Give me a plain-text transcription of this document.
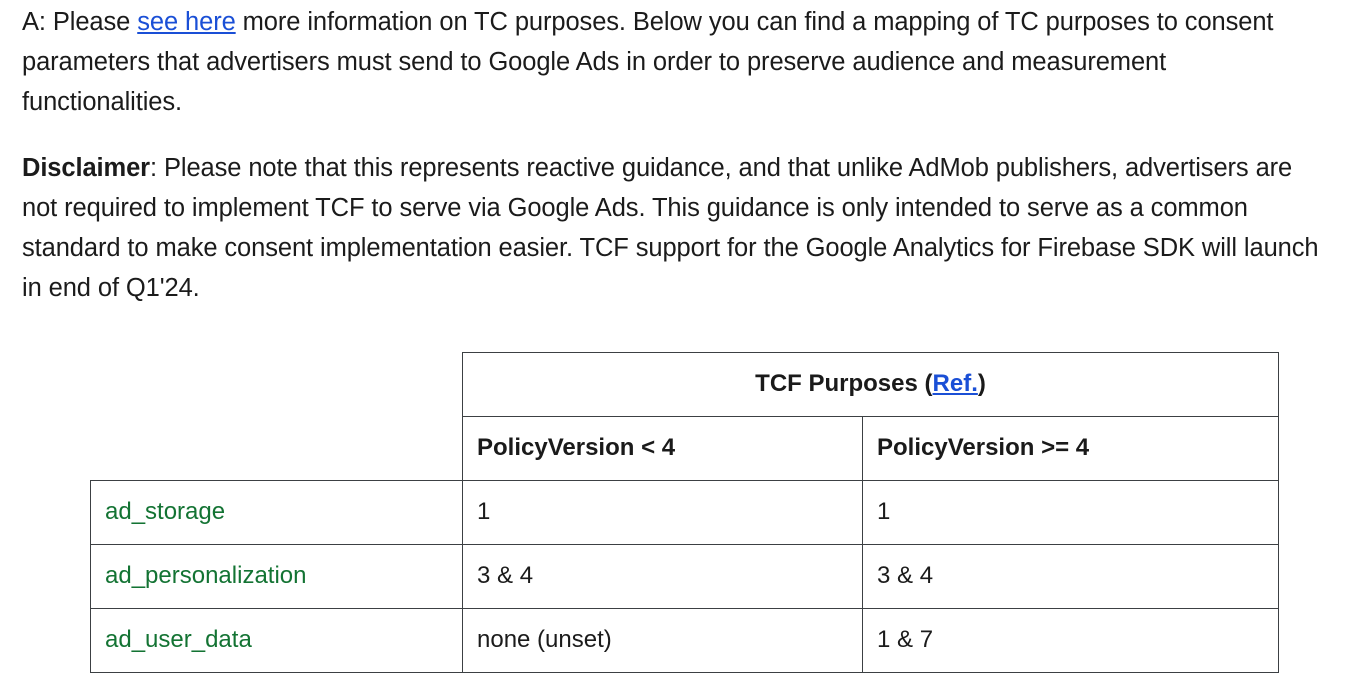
A: Please see here more information on TC purposes. Below you can find a mapping of TC purposes to consent parameters that advertisers must send to Google Ads in order to preserve audience and measurement functionalities.

Disclaimer: Please note that this represents reactive guidance, and that unlike AdMob publishers, advertisers are not required to implement TCF to serve via Google Ads. This guidance is only intended to serve as a common standard to make consent implementation easier. TCF support for the Google Analytics for Firebase SDK will launch in end of Q1'24.

	TCF Purposes (Ref.)	
	PolicyVersion < 4	PolicyVersion >= 4
ad_storage	1	1
ad_personalization	3 & 4	3 & 4
ad_user_data	none (unset)	1 & 7
